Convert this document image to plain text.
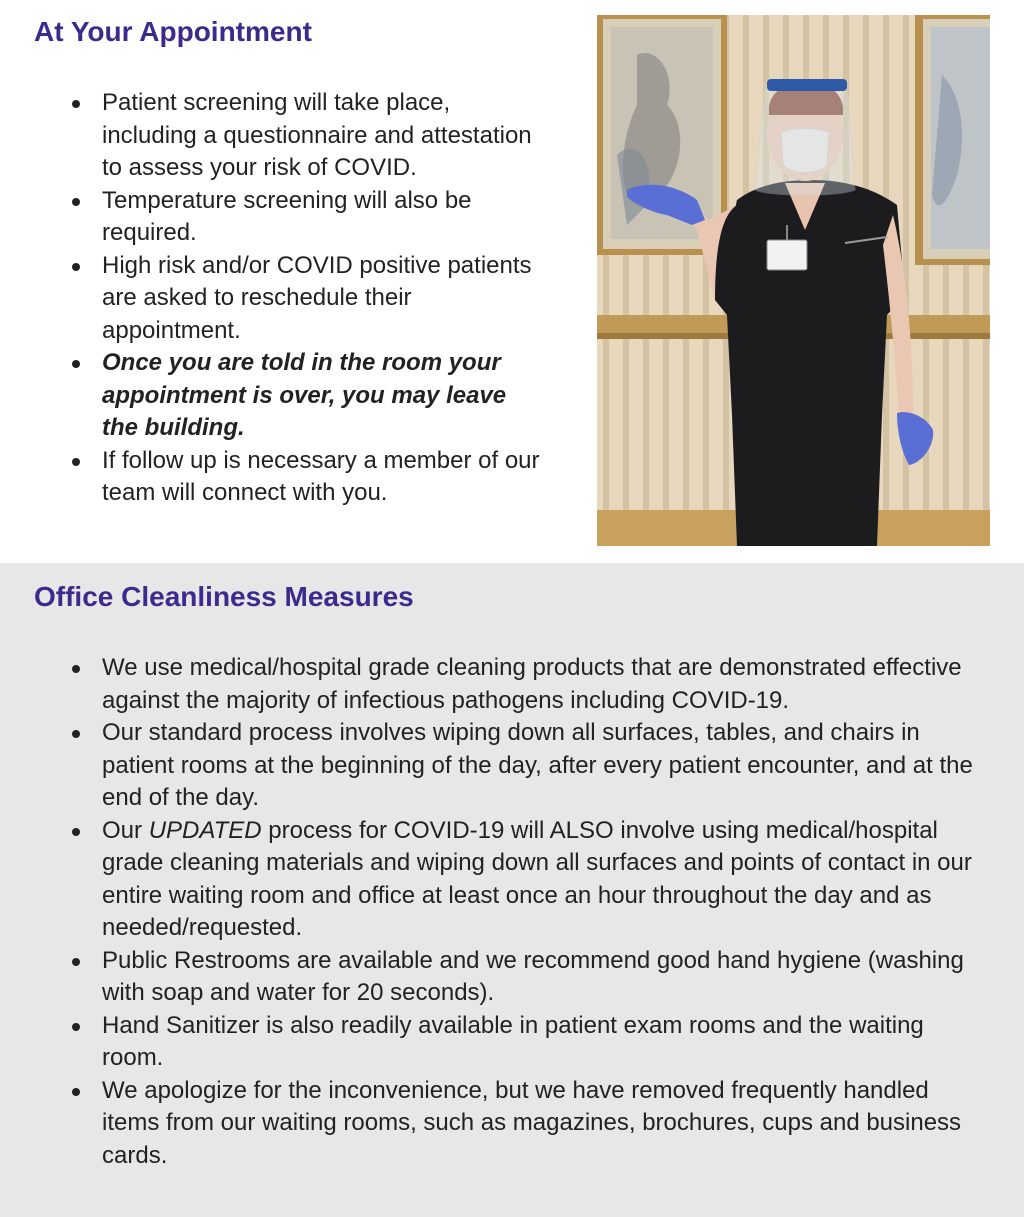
At Your Appointment
Patient screening will take place, including a questionnaire and attestation to assess your risk of COVID.
Temperature screening will also be required.
High risk and/or COVID positive patients are asked to reschedule their appointment.
Once you are told in the room your appointment is over, you may leave the building.
If follow up is necessary a member of our team will connect with you.
Office Cleanliness Measures
We use medical/hospital grade cleaning products that are demonstrated effective against the majority of infectious pathogens including COVID-19.
Our standard process involves wiping down all surfaces, tables, and chairs in patient rooms at the beginning of the day, after every patient encounter, and at the end of the day.
Our UPDATED process for COVID-19 will ALSO involve using medical/hospital grade cleaning materials and wiping down all surfaces and points of contact in our entire waiting room and office at least once an hour throughout the day and as needed/requested.
Public Restrooms are available and we recommend good hand hygiene (washing with soap and water for 20 seconds).
Hand Sanitizer is also readily available in patient exam rooms and the waiting room.
We apologize for the inconvenience, but we have removed frequently handled items from our waiting rooms, such as magazines, brochures, cups and business cards.
